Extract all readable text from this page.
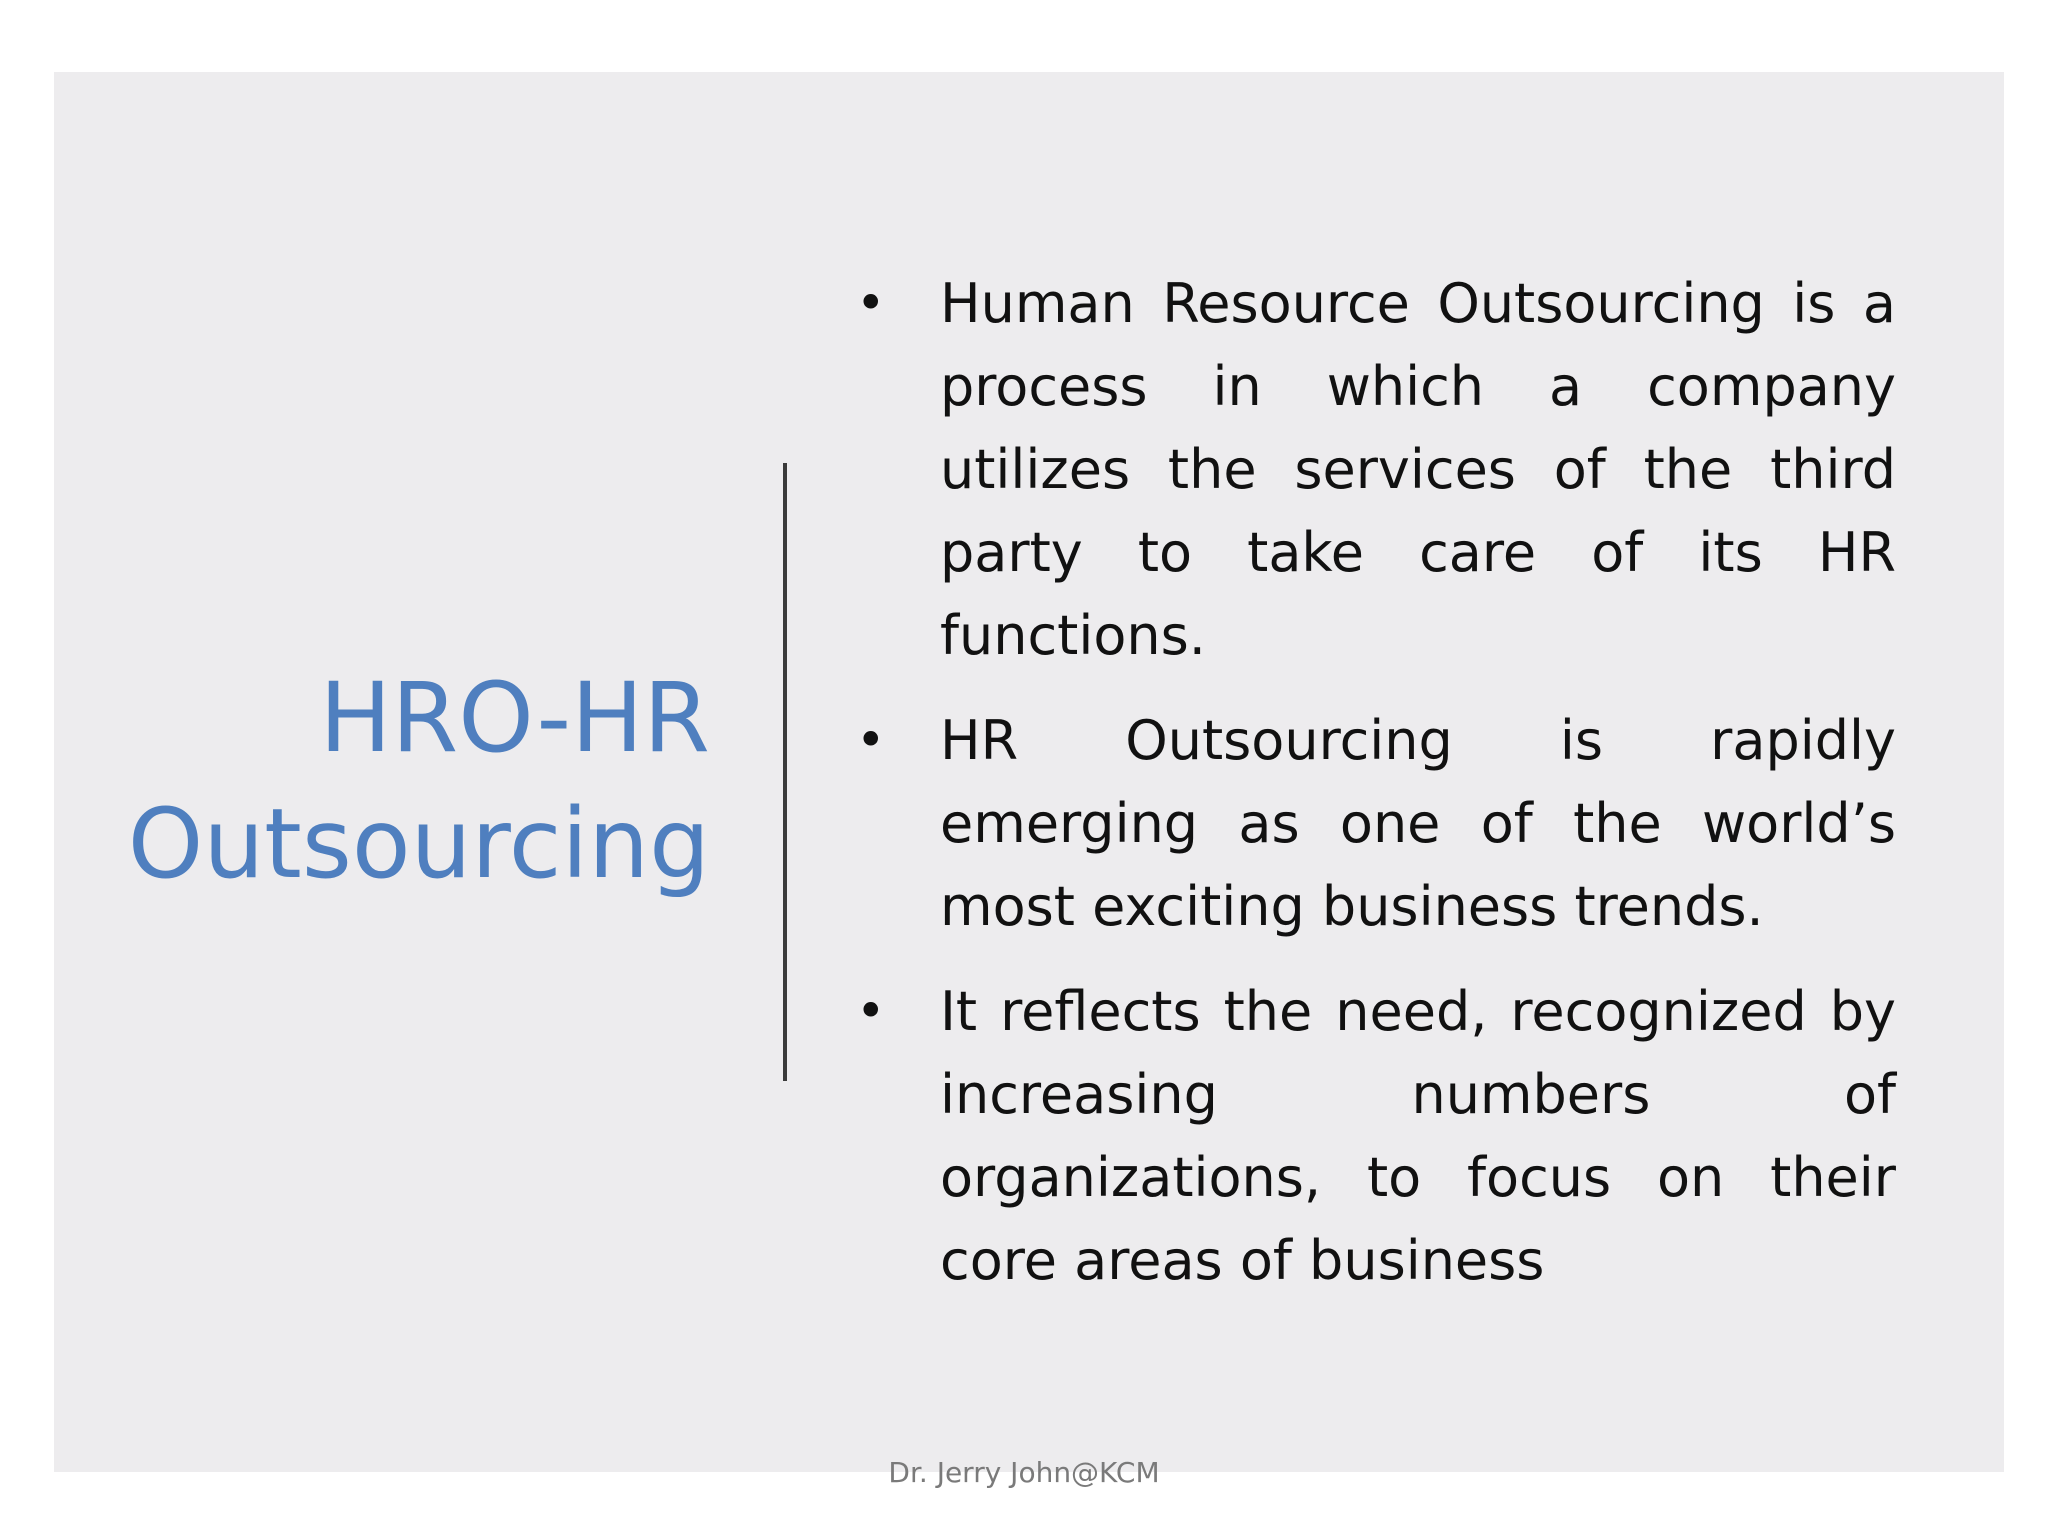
HRO-HR
Outsourcing
• Human Resource Outsourcing is a
process in which a company
utilizes the services of the third
party to take care of its HR
functions.
• HR Outsourcing is rapidly
emerging as one of the world’s
most exciting business trends.
• It reflects the need, recognized by
increasing numbers of
organizations, to focus on their
core areas of business
Dr. Jerry John@KCM
